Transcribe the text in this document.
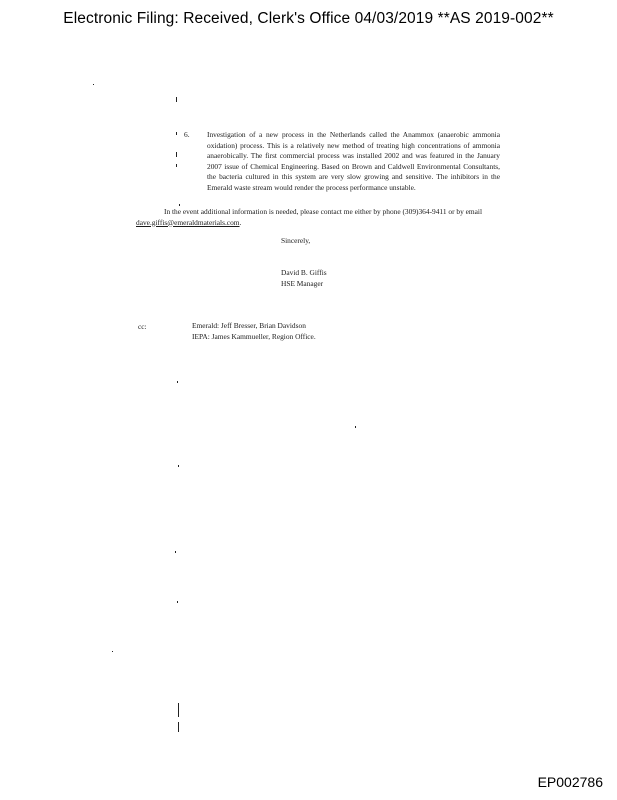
Electronic Filing: Received, Clerk's Office 04/03/2019 **AS 2019-002**
6.	Investigation of a new process in the Netherlands called the Anammox (anaerobic ammonia oxidation) process. This is a relatively new method of treating high concentrations of ammonia anaerobically. The first commercial process was installed 2002 and was featured in the January 2007 issue of Chemical Engineering. Based on Brown and Caldwell Environmental Consultants, the bacteria cultured in this system are very slow growing and sensitive. The inhibitors in the Emerald waste stream would render the process performance unstable.
In the event additional information is needed, please contact me either by phone (309)364-9411 or by email dave.giffis@emeraldmaterials.com.
Sincerely,
David B. Giffis
HSE Manager
cc:	Emerald: Jeff Bresser, Brian Davidson
IEPA: James Kammueller, Region Office.
EP002786
